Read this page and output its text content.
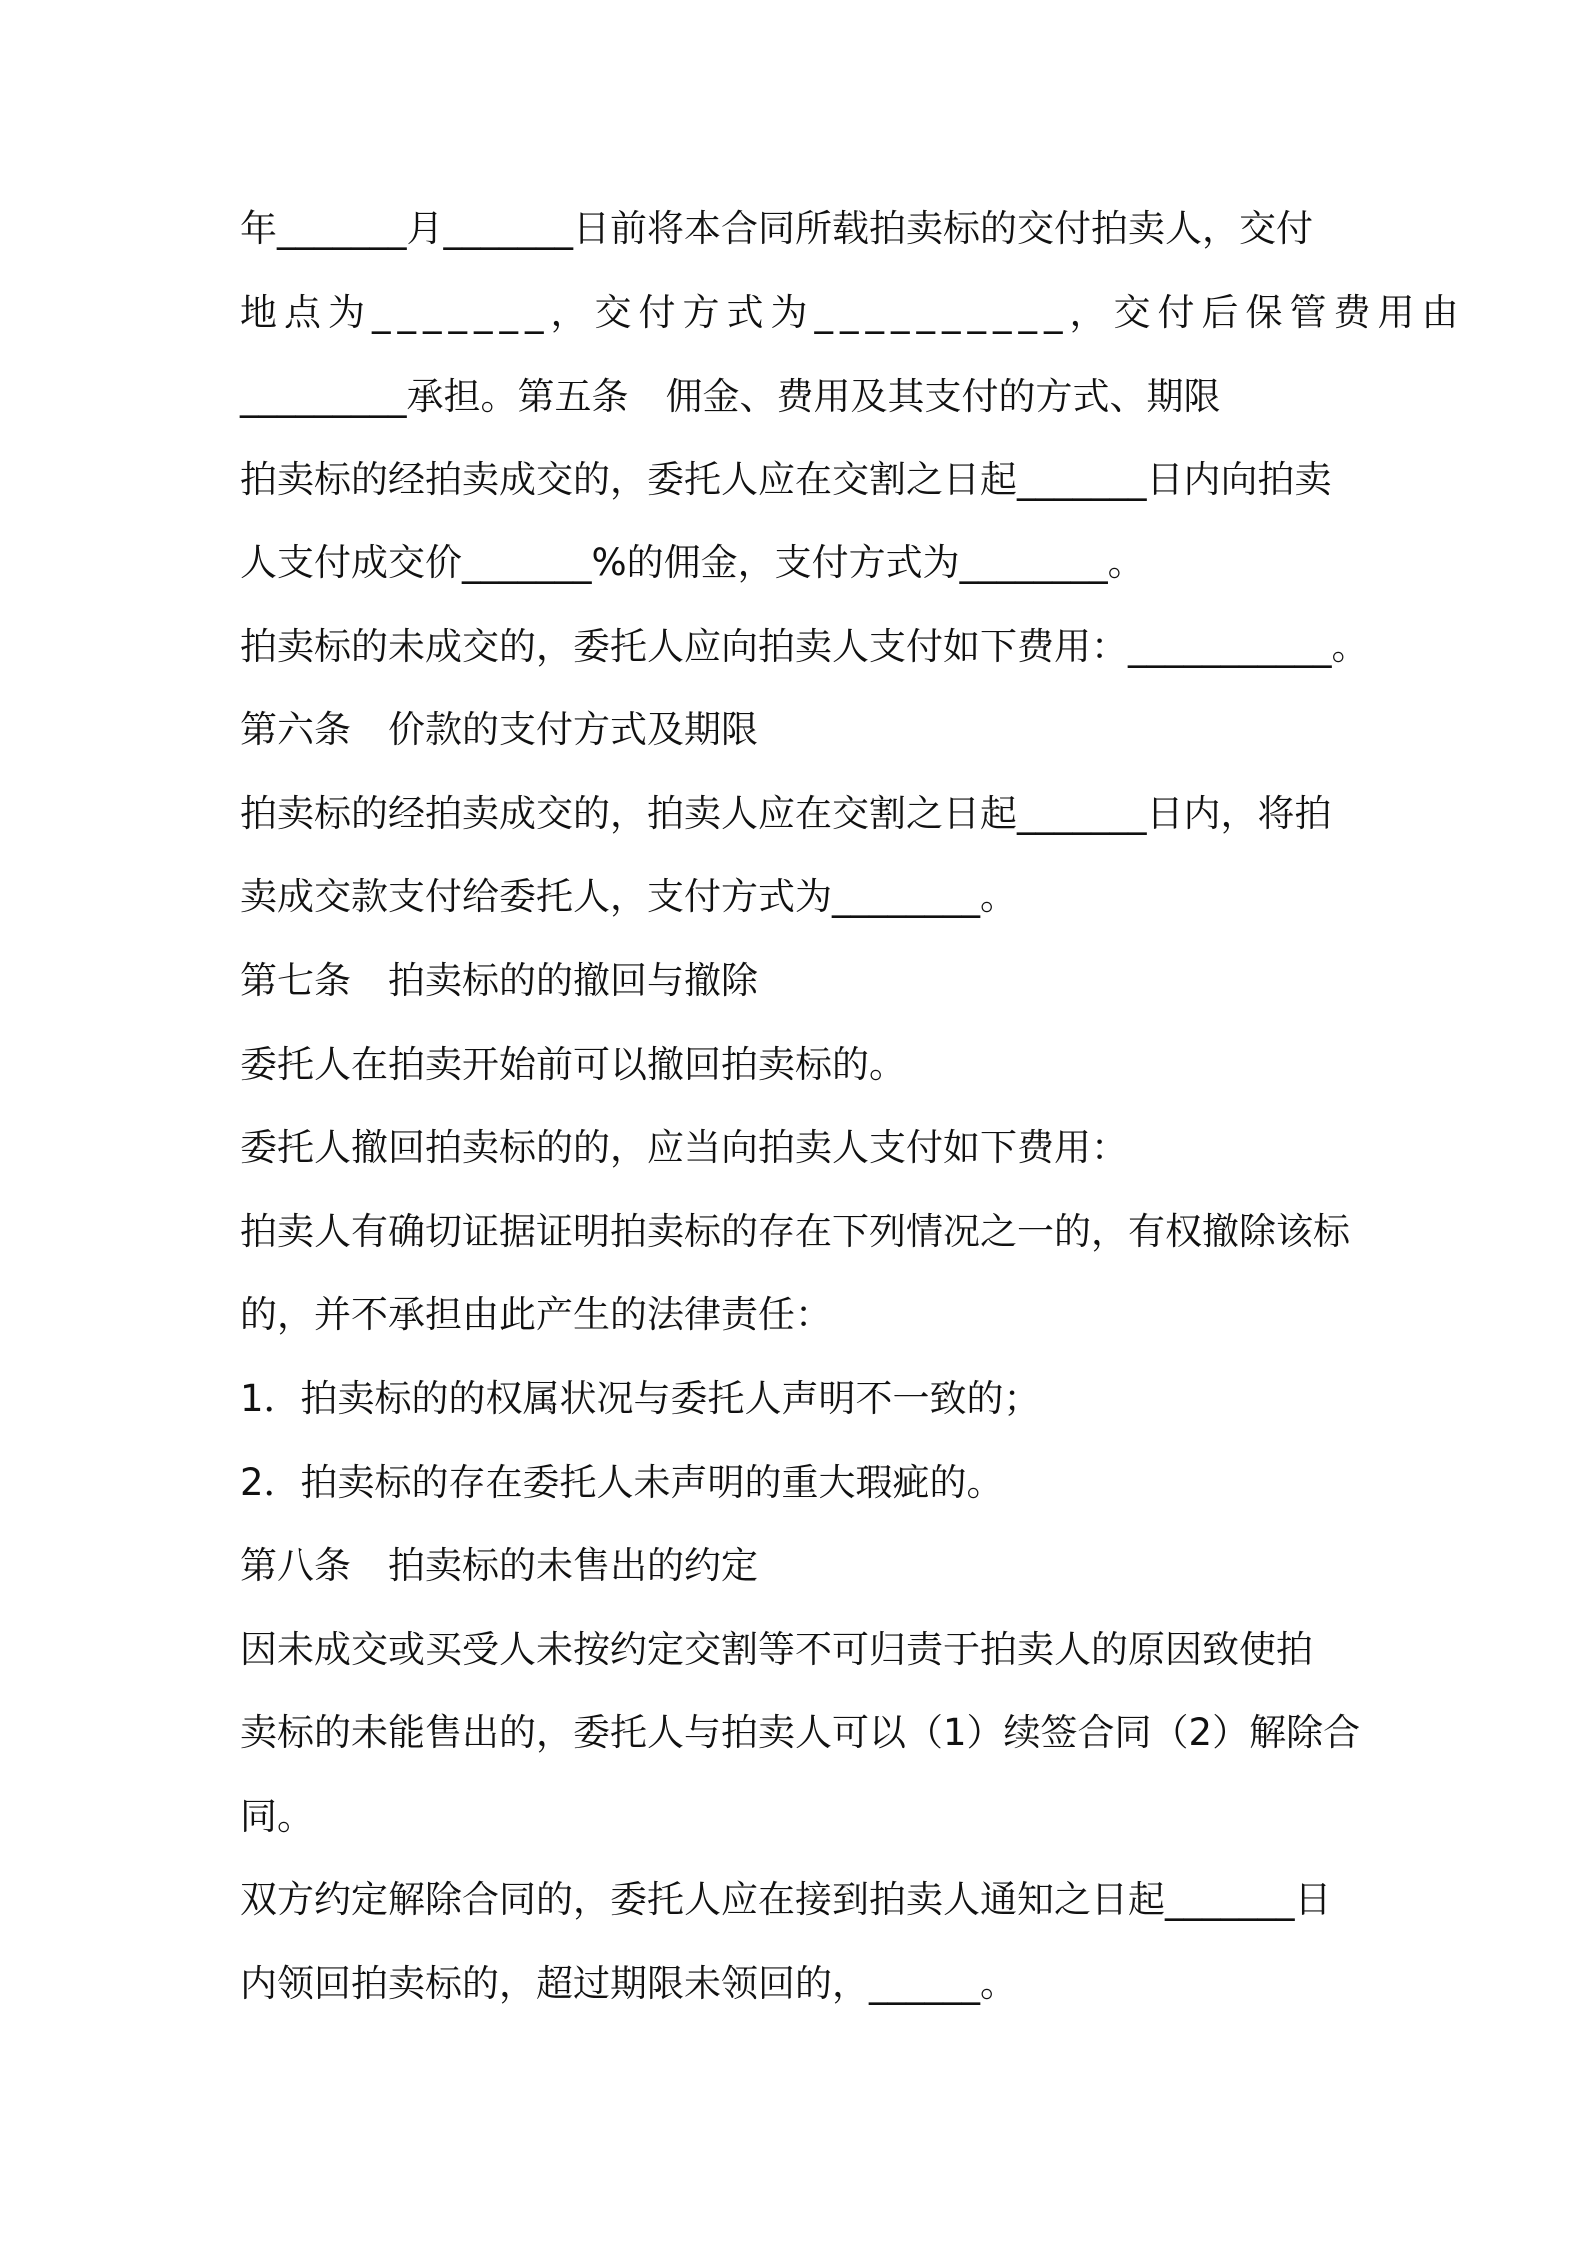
年_______月_______日前将本合同所载拍卖标的交付拍卖人，交付
地点为_______，交付方式为__________，交付后保管费用由
_________承担。第五条　佣金、费用及其支付的方式、期限
拍卖标的经拍卖成交的，委托人应在交割之日起_______日内向拍卖
人支付成交价_______%的佣金，支付方式为________。
拍卖标的未成交的，委托人应向拍卖人支付如下费用：___________。
第六条　价款的支付方式及期限
拍卖标的经拍卖成交的，拍卖人应在交割之日起_______日内，将拍
卖成交款支付给委托人，支付方式为________。
第七条　拍卖标的的撤回与撤除
委托人在拍卖开始前可以撤回拍卖标的。
委托人撤回拍卖标的的，应当向拍卖人支付如下费用：
拍卖人有确切证据证明拍卖标的存在下列情况之一的，有权撤除该标
的，并不承担由此产生的法律责任：
1．拍卖标的的权属状况与委托人声明不一致的；
2．拍卖标的存在委托人未声明的重大瑕疵的。
第八条　拍卖标的未售出的约定
因未成交或买受人未按约定交割等不可归责于拍卖人的原因致使拍
卖标的未能售出的，委托人与拍卖人可以（1）续签合同（2）解除合
同。
双方约定解除合同的，委托人应在接到拍卖人通知之日起_______日
内领回拍卖标的，超过期限未领回的，______。
